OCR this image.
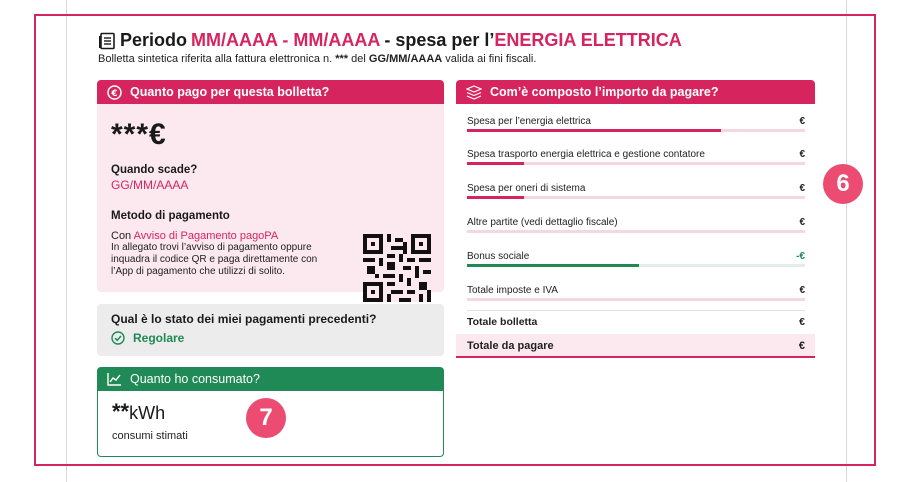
Periodo MM/AAAA - MM/AAAA - spesa per l’ ENERGIA ELETTRICA
Bolletta sintetica riferita alla fattura elettronica n. *** del GG/MM/AAAA valida ai fini fiscali.
€ Quanto pago per questa bolletta?
***€
Quando scade?
GG/MM/AAAA
Metodo di pagamento
Con Avviso di Pagamento pagoPA
In allegato trovi l’avviso di pagamento oppure inquadra il codice QR e paga direttamente con l’App di pagamento che utilizzi di solito.
Qual è lo stato dei miei pagamenti precedenti?
Regolare
Quanto ho consumato?
**kWh
consumi stimati
7
Com’è composto l’importo da pagare?
Spesa per l’energia elettrica	€
Spesa trasporto energia elettrica e gestione contatore	€
Spesa per oneri di sistema	€
Altre partite (vedi dettaglio fiscale)	€
Bonus sociale	-€
Totale imposte e IVA	€
Totale bolletta	€
Totale da pagare	€
6
